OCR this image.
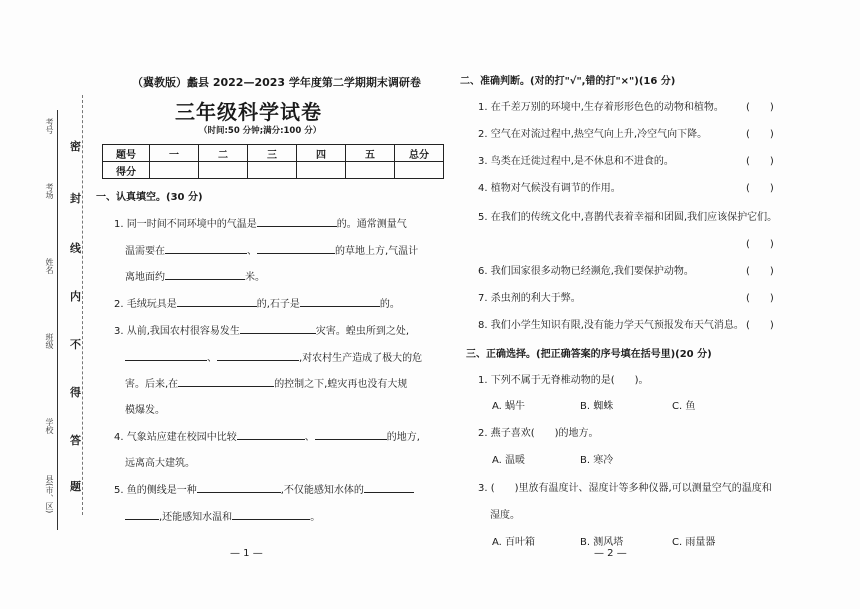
考号
考场
姓名
班级
学校
县(市、区)
密
封
线
内
不
得
答
题
（冀教版）蠡县 2022—2023 学年度第二学期期末调研卷
三年级科学试卷
（时间:50 分钟;满分:100 分）
题号	一	二	三	四	五	总分
得分						
一、认真填空。(30 分)
1. 同一时间不同环境中的气温是	的。通常测量气
温需要在	、	的草地上方,气温计
离地面约	米。
2. 毛绒玩具是	的,石子是	的。
3. 从前,我国农村很容易发生	灾害。蝗虫所到之处,
、	,对农村生产造成了极大的危
害。后来,在	的控制之下,蝗灾再也没有大规
模爆发。
4. 气象站应建在校园中比较	、	的地方,
远离高大建筑。
5. 鱼的侧线是一种	,不仅能感知水体的
,还能感知水温和	。
— 1 —
二、准确判断。(对的打"√",错的打"×")(16 分)
1. 在千差万别的环境中,生存着形形色色的动物和植物。 (　　)
2. 空气在对流过程中,热空气向上升,冷空气向下降。	(　　)
3. 鸟类在迁徙过程中,是不休息和不进食的。	(　　)
4. 植物对气候没有调节的作用。	(　　)
5. 在我们的传统文化中,喜鹊代表着幸福和团圆,我们应该保护它们。
(　　)
6. 我们国家很多动物已经濒危,我们要保护动物。	(　　)
7. 杀虫剂的利大于弊。	(　　)
8. 我们小学生知识有限,没有能力学天气预报发布天气消息。 (　　)
三、正确选择。(把正确答案的序号填在括号里)(20 分)
1. 下列不属于无脊椎动物的是(　　)。
A. 蜗牛	B. 蜘蛛	C. 鱼
2. 燕子喜欢(　　)的地方。
A. 温暖	B. 寒冷
3. (　　)里放有温度计、湿度计等多种仪器,可以测量空气的温度和
湿度。
A. 百叶箱	B. 测风塔	C. 雨量器
— 2 —
